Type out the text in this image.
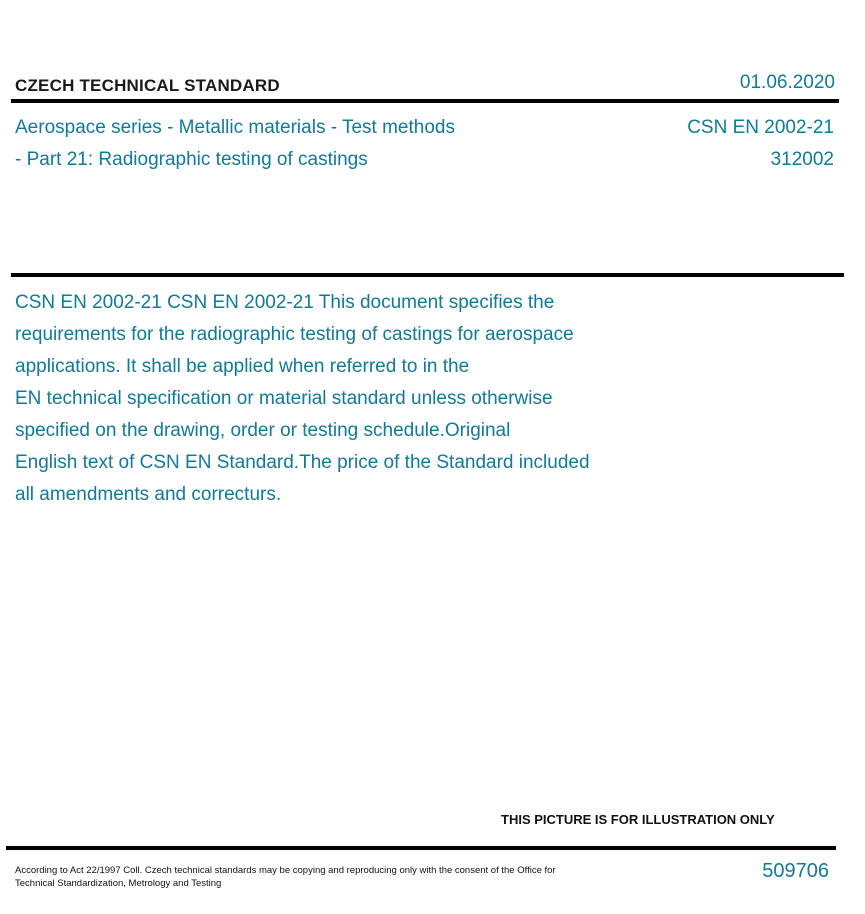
CZECH TECHNICAL STANDARD	01.06.2020
Aerospace series - Metallic materials - Test methods
- Part 21: Radiographic testing of castings
CSN EN 2002-21
312002
CSN EN 2002-21 CSN EN 2002-21 This document specifies the
requirements for the radiographic testing of castings for aerospace
applications. It shall be applied when referred to in the
EN technical specification or material standard unless otherwise
specified on the drawing, order or testing schedule.Original
English text of CSN EN Standard.The price of the Standard included
all amendments and correcturs.
THIS PICTURE IS FOR ILLUSTRATION ONLY
According to Act 22/1997 Coll. Czech technical standards may be copying and reproducing only with the consent of the Office for Technical Standardization, Metrology and Testing
509706
